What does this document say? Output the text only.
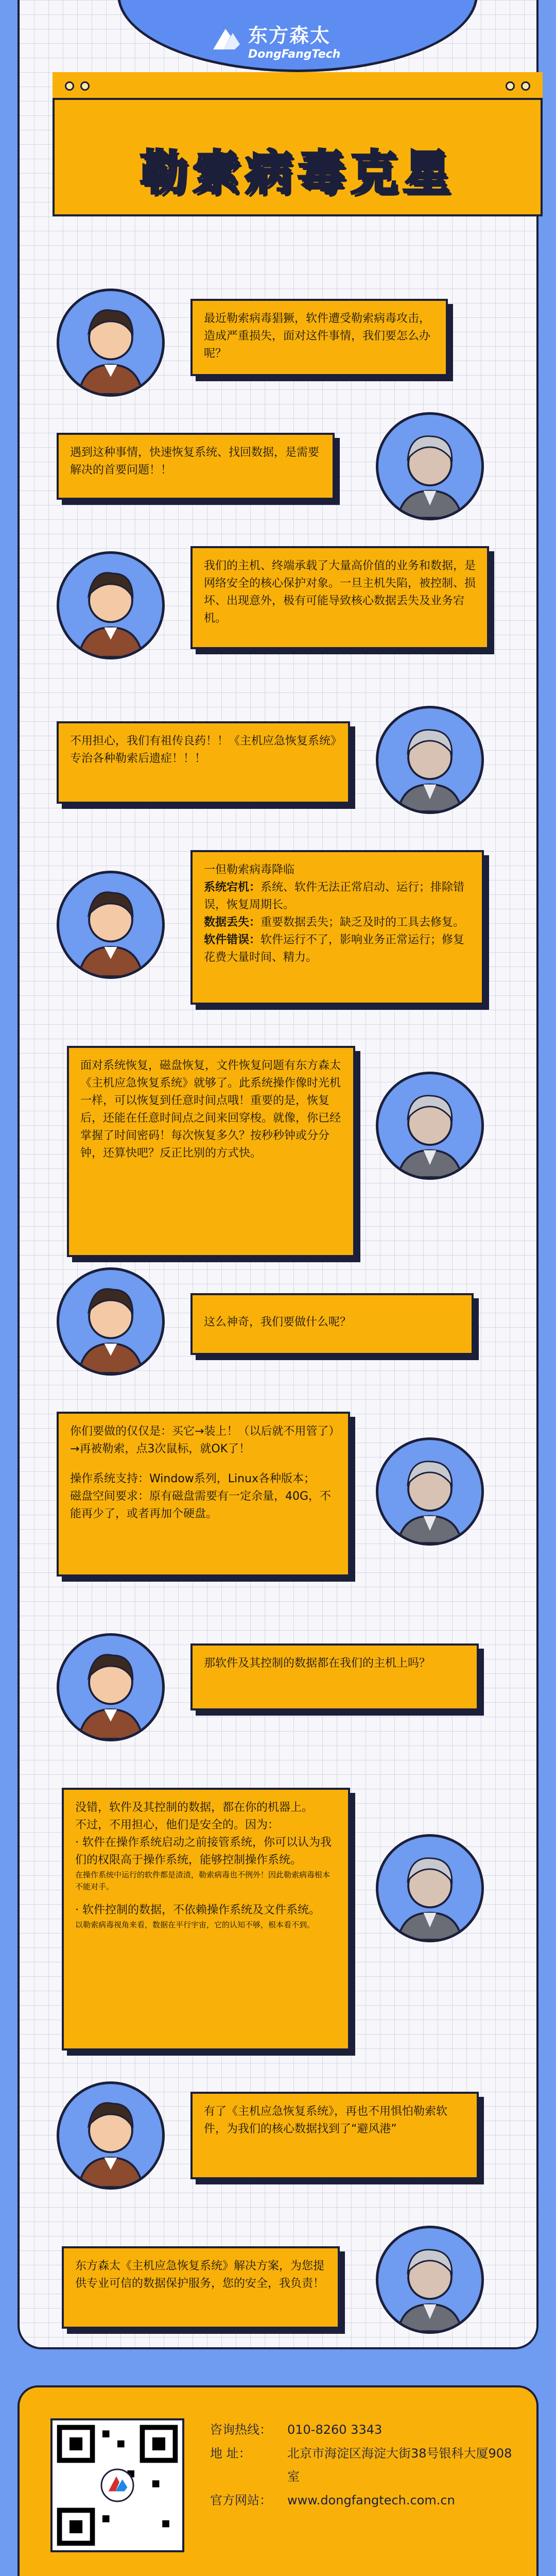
东方森太
DongFangTech
勒索病毒克星
最近勒索病毒猖獗，软件遭受勒索病毒攻击，造成严重损失，面对这件事情，我们要怎么办呢？
遇到这种事情，快速恢复系统、找回数据，是需要解决的首要问题！！
我们的主机、终端承载了大量高价值的业务和数据，是网络安全的核心保护对象。一旦主机失陷，被控制、损坏、出现意外，极有可能导致核心数据丢失及业务宕机。
不用担心，我们有祖传良药！！《主机应急恢复系统》专治各种勒索后遗症！！！
一但勒索病毒降临
系统宕机：系统、软件无法正常启动、运行；排除错误，恢复周期长。
数据丢失：重要数据丢失；缺乏及时的工具去修复。
软件错误：软件运行不了，影响业务正常运行；修复花费大量时间、精力。
面对系统恢复，磁盘恢复，文件恢复问题有东方森太《主机应急恢复系统》就够了。此系统操作像时光机一样，可以恢复到任意时间点哦！重要的是，恢复后，还能在任意时间点之间来回穿梭。就像，你已经掌握了时间密码！每次恢复多久？按秒秒钟或分分钟，还算快吧？反正比别的方式快。
这么神奇，我们要做什么呢？
你们要做的仅仅是：买它→装上！（以后就不用管了）→再被勒索，点3次鼠标，就OK了！
操作系统支持：Window系列，Linux各种版本；
磁盘空间要求：原有磁盘需要有一定余量，40G，不能再少了，或者再加个硬盘。
那软件及其控制的数据都在我们的主机上吗？
没错，软件及其控制的数据，都在你的机器上。
不过，不用担心，他们是安全的。因为：
· 软件在操作系统启动之前接管系统，你可以认为我们的权限高于操作系统，能够控制操作系统。
在操作系统中运行的软件都是渣渣，勒索病毒也不例外！因此勒索病毒根本不能对手。
· 软件控制的数据，不依赖操作系统及文件系统。
以勒索病毒视角来看，数据在平行宇宙，它的认知不够，根本看不到。
有了《主机应急恢复系统》，再也不用惧怕勒索软件，为我们的核心数据找到了“避风港”
东方森太《主机应急恢复系统》解决方案，为您提供专业可信的数据保护服务，您的安全，我负责！
咨询热线：	010-8260 3343
地 址：	北京市海淀区海淀大街38号银科大厦908室
官方网站：	www.dongfangtech.com.cn
